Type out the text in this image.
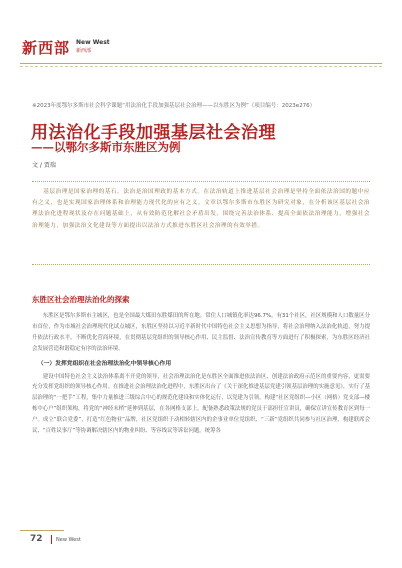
新西部 New West
新西部
※2023年度鄂尔多斯市社会科学课题“用法治化手段加强基层社会治理——以东胜区为例”（项目编号：2023e276）
用法治化手段加强基层社会治理
——以鄂尔多斯市东胜区为例
文 / 贾瑞

基层治理是国家治理的基石。法治是治国理政的基本方式。在法治轨道上推进基层社会治理是坚持全面依法治国的题中应有之义，也是实现国家治理体系和治理能力现代化的应有之义。文章以鄂尔多斯市东胜区为研究对象，在分析该区基层社会治理法治化进程现状及存在问题基础上，从有效防范化解社会矛盾出发，围绕完善法治体系、提高全面依法治理能力，增强社会治理能力，加强法治文化建设等方面提出以法治方式推进东胜区社会治理的有效举措。

东胜区社会治理法治化的探索

东胜区是鄂尔多斯市主城区，也是全国最大煤田东胜煤田的所在地。常住人口城镇化率达96.7%，有31个社区，社区规模和人口数量区分市首位，作为市城社会治理现代化试点城区，东胜区坚持以习近平新时代中国特色社会主义思想为指导，将社会治理纳入法治化轨道，努力提升依法行政水平，不断优化营商环境，在贯彻基层党组织的领导核心作用、民主监督、法治宣传教育等方面进行了积极探索，为东胜区经济社会发展营造和谐稳定有序的法治环境。

（一）发挥党组织在社会治理法治化中领导核心作用

建设中国特色社会主义法治体系离不开党的领导，社会治理法治化是东胜区全面推进依法治区、创建法治政府示范区的重要内容，更需要充分发挥党组织的领导核心作用。在推进社会治理法治化进程中，东胜区出台了《关于深化推进基层党建引领基层治理的实施意见》，实行了基层治理的“一把手”工程，集中力量推进三级综合中心的规范化建设和实体化运行，以党建为引领，构建“社区党组织—小区（网格）党支部—楼栋中心户”组织架构，将党的“神经末梢”延伸到基层，在各网格支部上，配备熟悉政策法规的党员干部担任宣讲员，确保宣讲宣传教育区到每一户。成立“联合党委”，打造“红色物业”品牌，社区党组织于动相转辖区内的企事业单位党组织、“三新”党组织共同参与社区治理，构建联席会议、“百姓议事厅”等协调解决辖区内的物业纠纷、等容线议等诉讼问题。统筹各

72	New West
